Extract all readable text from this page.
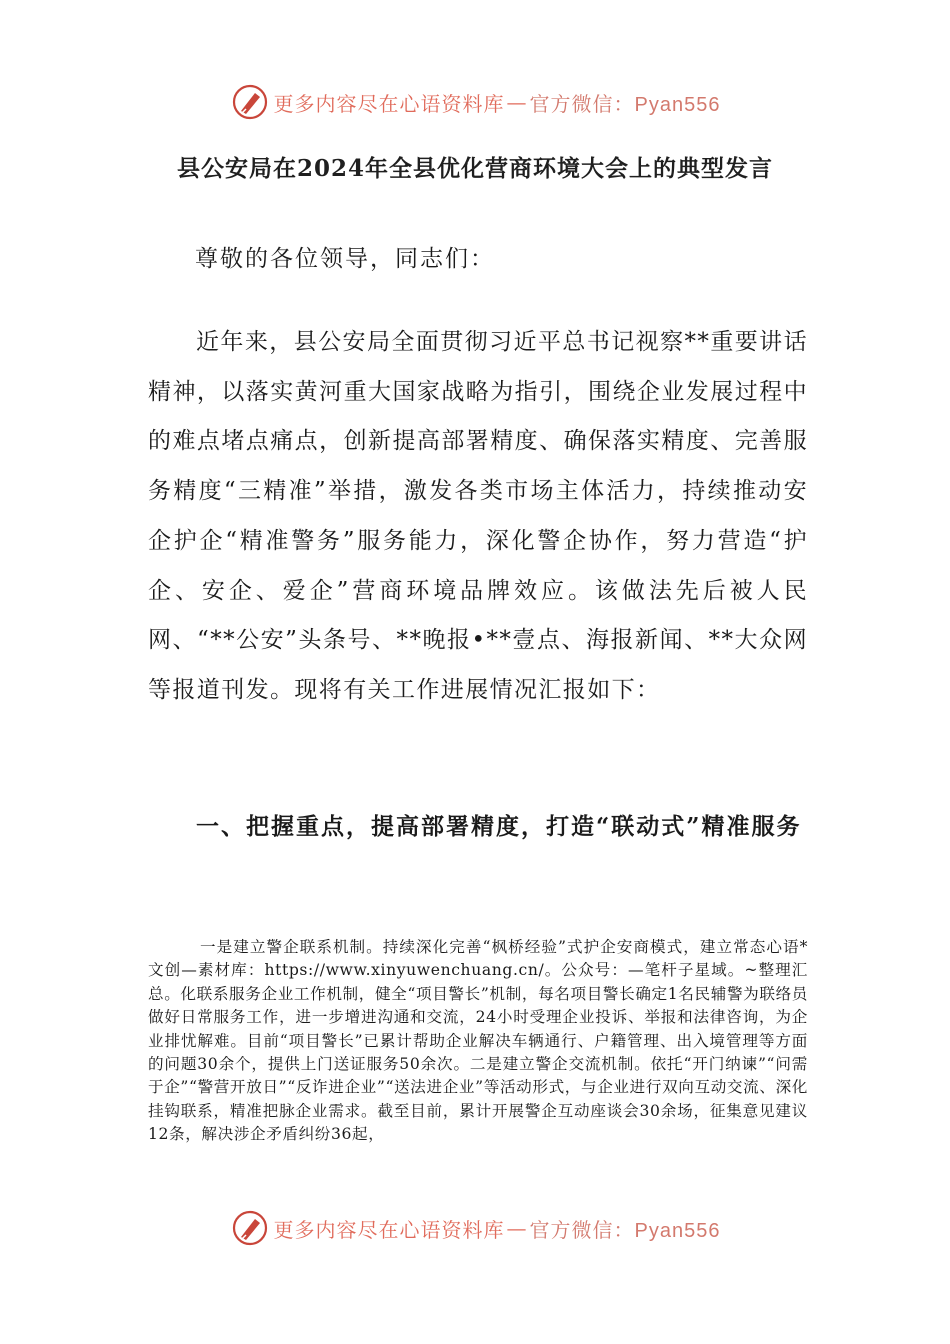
更多内容尽在心语资料库 — 官方微信：Pyan556
县公安局在2024年全县优化营商环境大会上的典型发言
尊敬的各位领导，同志们：

近年来，县公安局全面贯彻习近平总书记视察**重要讲话精神，以落实黄河重大国家战略为指引，围绕企业发展过程中的难点堵点痛点，创新提高部署精度、确保落实精度、完善服务精度“三精准”举措，激发各类市场主体活力，持续推动安企护企“精准警务”服务能力，深化警企协作，努力营造“护企、安企、爱企”营商环境品牌效应。该做法先后被人民网、“**公安”头条号、**晚报•**壹点、海报新闻、**大众网等报道刊发。现将有关工作进展情况汇报如下：

一、把握重点，提高部署精度，打造“联动式”精准服务

一是建立警企联系机制。持续深化完善“枫桥经验”式护企安商模式，建立常态心语*文创—素材库：https://www.xinyuwenchuang.cn/。公众号：—笔杆子星域。~整理汇总。化联系服务企业工作机制，健全“项目警长”机制，每名项目警长确定1名民辅警为联络员做好日常服务工作，进一步增进沟通和交流，24小时受理企业投诉、举报和法律咨询，为企业排忧解难。目前“项目警长”已累计帮助企业解决车辆通行、户籍管理、出入境管理等方面的问题30余个，提供上门送证服务50余次。二是建立警企交流机制。依托“开门纳谏”“问需于企”“警营开放日”“反诈进企业”“送法进企业”等活动形式，与企业进行双向互动交流、深化挂钩联系，精准把脉企业需求。截至目前，累计开展警企互动座谈会30余场，征集意见建议12条，解决涉企矛盾纠纷36起，

更多内容尽在心语资料库 — 官方微信：Pyan556
